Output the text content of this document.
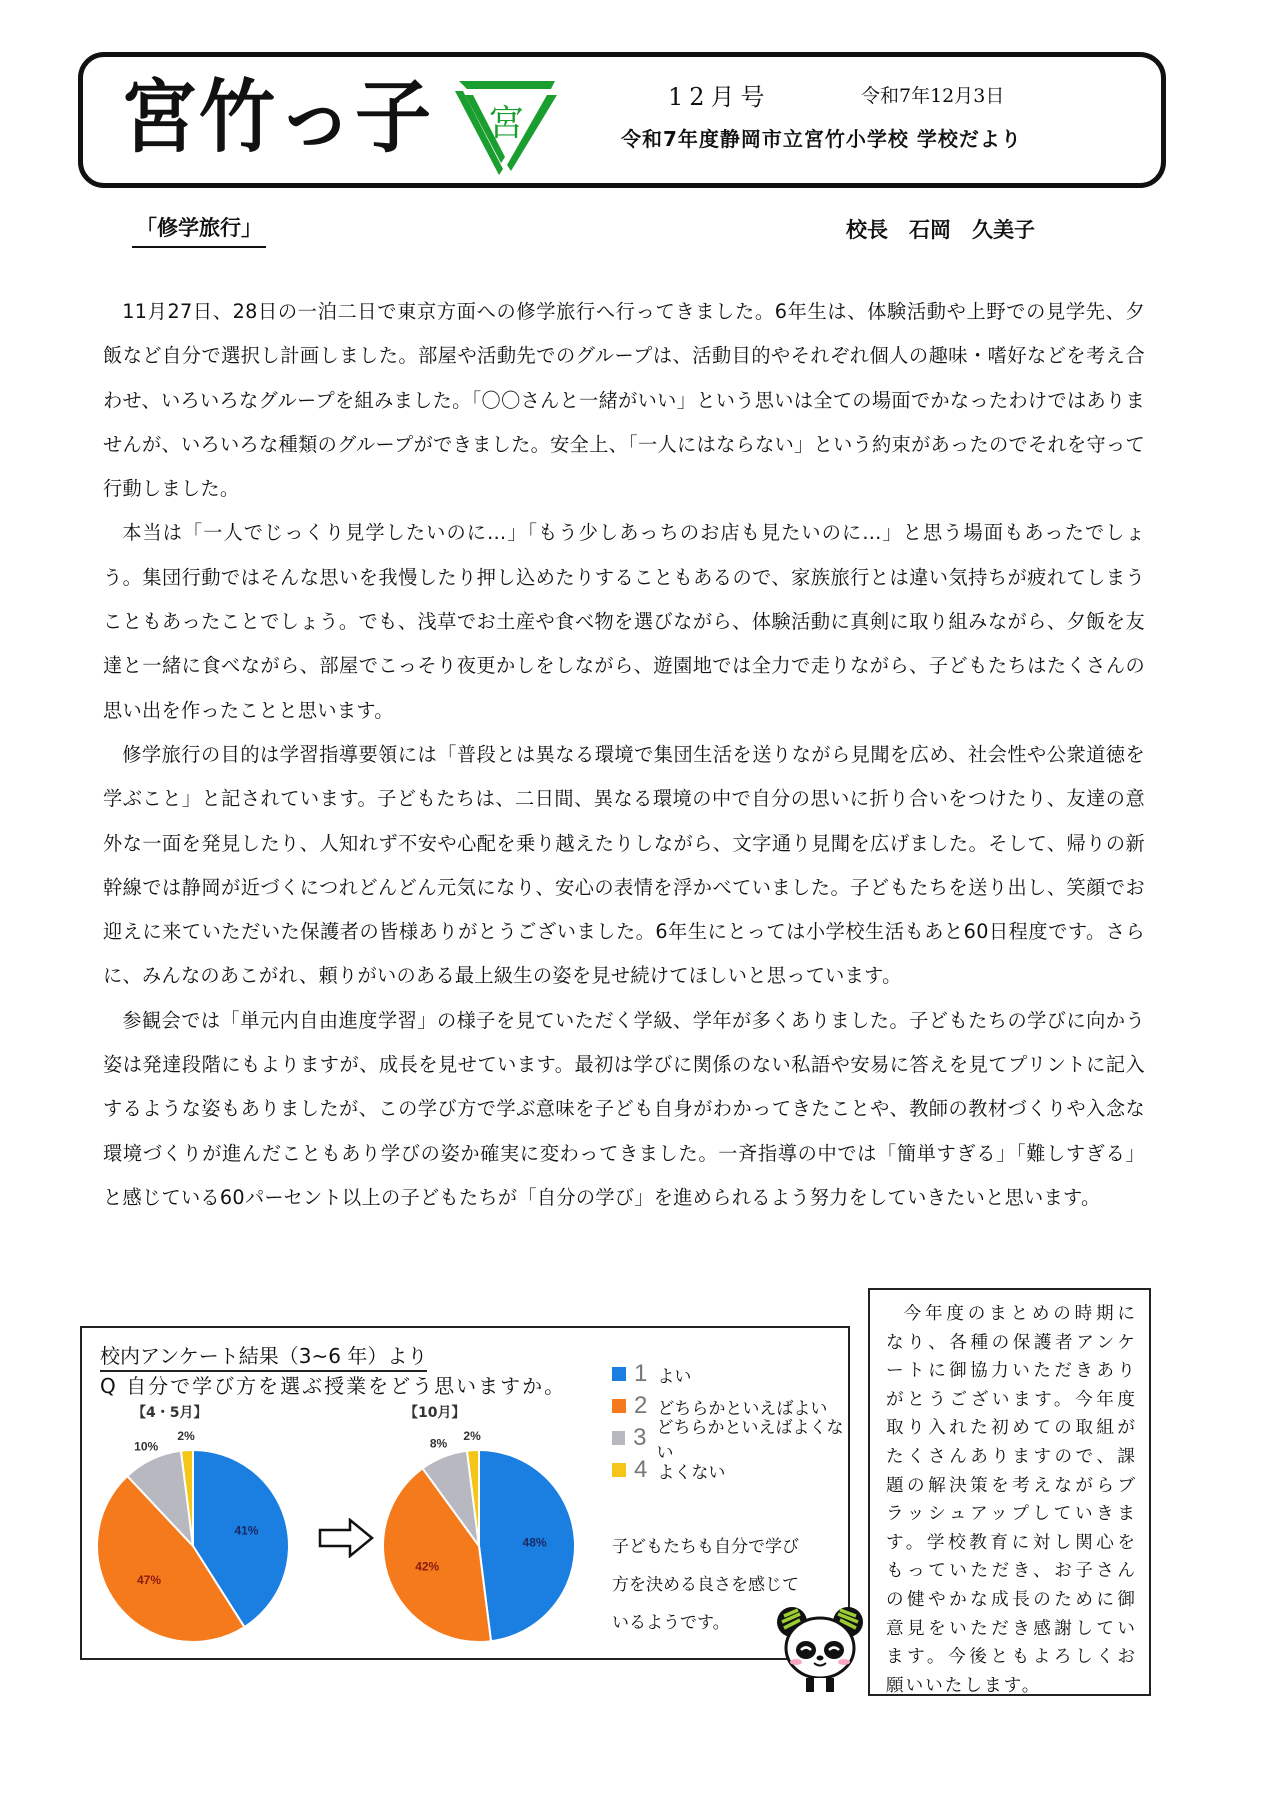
宮竹っ子 宮
12月号	令和7年12月3日
令和7年度静岡市立宮竹小学校 学校だより
「修学旅行」	校長　石岡　久美子

11月27日、28日の一泊二日で東京方面への修学旅行へ行ってきました。6年生は、体験活動や上野での見学先、夕飯など自分で選択し計画しました。部屋や活動先でのグループは、活動目的やそれぞれ個人の趣味・嗜好などを考え合わせ、いろいろなグループを組みました。「〇〇さんと一緒がいい」という思いは全ての場面でかなったわけではありませんが、いろいろな種類のグループができました。安全上、「一人にはならない」という約束があったのでそれを守って行動しました。

本当は「一人でじっくり見学したいのに…」「もう少しあっちのお店も見たいのに…」と思う場面もあったでしょう。集団行動ではそんな思いを我慢したり押し込めたりすることもあるので、家族旅行とは違い気持ちが疲れてしまうこともあったことでしょう。でも、浅草でお土産や食べ物を選びながら、体験活動に真剣に取り組みながら、夕飯を友達と一緒に食べながら、部屋でこっそり夜更かしをしながら、遊園地では全力で走りながら、子どもたちはたくさんの思い出を作ったことと思います。

修学旅行の目的は学習指導要領には「普段とは異なる環境で集団生活を送りながら見聞を広め、社会性や公衆道徳を学ぶこと」と記されています。子どもたちは、二日間、異なる環境の中で自分の思いに折り合いをつけたり、友達の意外な一面を発見したり、人知れず不安や心配を乗り越えたりしながら、文字通り見聞を広げました。そして、帰りの新幹線では静岡が近づくにつれどんどん元気になり、安心の表情を浮かべていました。子どもたちを送り出し、笑顔でお迎えに来ていただいた保護者の皆様ありがとうございました。6年生にとっては小学校生活もあと60日程度です。さらに、みんなのあこがれ、頼りがいのある最上級生の姿を見せ続けてほしいと思っています。

参観会では「単元内自由進度学習」の様子を見ていただく学級、学年が多くありました。子どもたちの学びに向かう姿は発達段階にもよりますが、成長を見せています。最初は学びに関係のない私語や安易に答えを見てプリントに記入するような姿もありましたが、この学び方で学ぶ意味を子ども自身がわかってきたことや、教師の教材づくりや入念な環境づくりが進んだこともあり学びの姿か確実に変わってきました。一斉指導の中では「簡単すぎる」「難しすぎる」と感じている60パーセント以上の子どもたちが「自分の学び」を進められるよう努力をしていきたいと思います。

校内アンケート結果（3~6 年）より
Q 自分で学び方を選ぶ授業をどう思いますか。
【4・5月】	【10月】
41%
47%
10%
2%
48%
42%
8%
2%
1 よい
2 どちらかといえばよい
3 どちらかといえばよくない
4 よくない
子どもたちも自分で学び方を決める良さを感じているようです。

今年度のまとめの時期になり、各種の保護者アンケートに御協力いただきありがとうございます。今年度取り入れた初めての取組がたくさんありますので、課題の解決策を考えながらブラッシュアップしていきます。学校教育に対し関心をもっていただき、お子さんの健やかな成長のために御意見をいただき感謝しています。今後ともよろしくお願いいたします。
